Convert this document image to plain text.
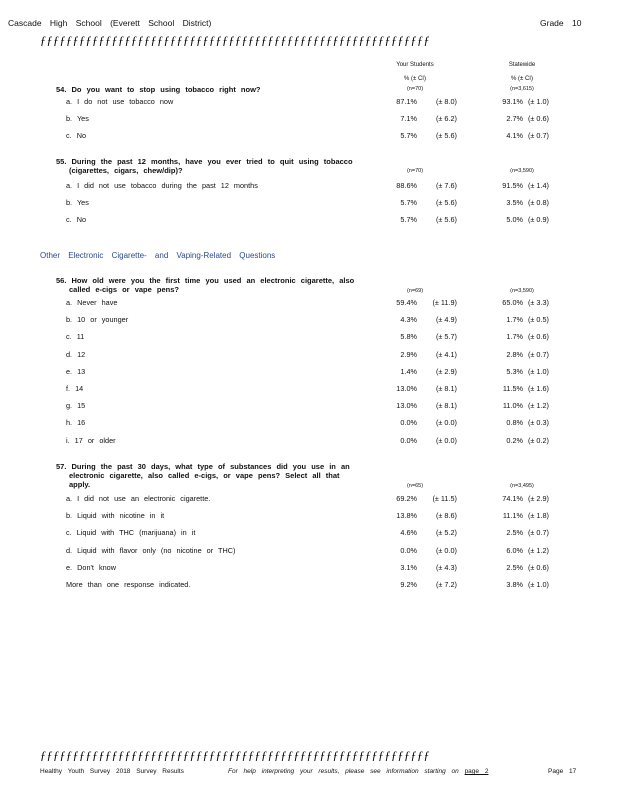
Cascade High School (Everett School District)	Grade 10
ƒƒƒƒƒƒƒƒƒƒƒƒƒƒƒƒƒƒƒƒƒƒƒƒƒƒƒƒƒƒƒƒƒƒƒƒƒƒƒƒƒƒƒƒƒƒƒƒƒƒƒƒƒƒƒƒƒƒƒƒ
Your Students	Statewide
% (± CI)	% (± CI)
54. Do you want to stop using tobacco right now?	(n=70)	(n=3,615)
a. I do not use tobacco now	87.1%	(± 8.0)	93.1% (± 1.0)
b. Yes	7.1%	(± 6.2)	2.7% (± 0.6)
c. No	5.7%	(± 5.6)	4.1% (± 0.7)
55. During the past 12 months, have you ever tried to quit using tobacco
(cigarettes, cigars, chew/dip)?	(n=70)	(n=3,590)
a. I did not use tobacco during the past 12 months	88.6%	(± 7.6)	91.5% (± 1.4)
b. Yes	5.7%	(± 5.6)	3.5% (± 0.8)
c. No	5.7%	(± 5.6)	5.0% (± 0.9)
Other Electronic Cigarette- and Vaping-Related Questions
56. How old were you the first time you used an electronic cigarette, also
called e-cigs or vape pens?	(n=69)	(n=3,590)
a. Never have	59.4%	(± 11.9)	65.0% (± 3.3)
b. 10 or younger	4.3%	(± 4.9)	1.7% (± 0.5)
c. 11	5.8%	(± 5.7)	1.7% (± 0.6)
d. 12	2.9%	(± 4.1)	2.8% (± 0.7)
e. 13	1.4%	(± 2.9)	5.3% (± 1.0)
f. 14	13.0%	(± 8.1)	11.5% (± 1.6)
g. 15	13.0%	(± 8.1)	11.0% (± 1.2)
h. 16	0.0%	(± 0.0)	0.8% (± 0.3)
i. 17 or older	0.0%	(± 0.0)	0.2% (± 0.2)
57. During the past 30 days, what type of substances did you use in an
electronic cigarette, also called e-cigs, or vape pens? Select all that
apply.	(n=65)	(n=3,495)
a. I did not use an electronic cigarette.	69.2%	(± 11.5)	74.1% (± 2.9)
b. Liquid with nicotine in it	13.8%	(± 8.6)	11.1% (± 1.8)
c. Liquid with THC (marijuana) in it	4.6%	(± 5.2)	2.5% (± 0.7)
d. Liquid with flavor only (no nicotine or THC)	0.0%	(± 0.0)	6.0% (± 1.2)
e. Don't know	3.1%	(± 4.3)	2.5% (± 0.6)
More than one response indicated.	9.2%	(± 7.2)	3.8% (± 1.0)
ƒƒƒƒƒƒƒƒƒƒƒƒƒƒƒƒƒƒƒƒƒƒƒƒƒƒƒƒƒƒƒƒƒƒƒƒƒƒƒƒƒƒƒƒƒƒƒƒƒƒƒƒƒƒƒƒƒƒƒƒ
Healthy Youth Survey 2018 Survey Results	For help interpreting your results, please see information starting on page 2	Page 17
